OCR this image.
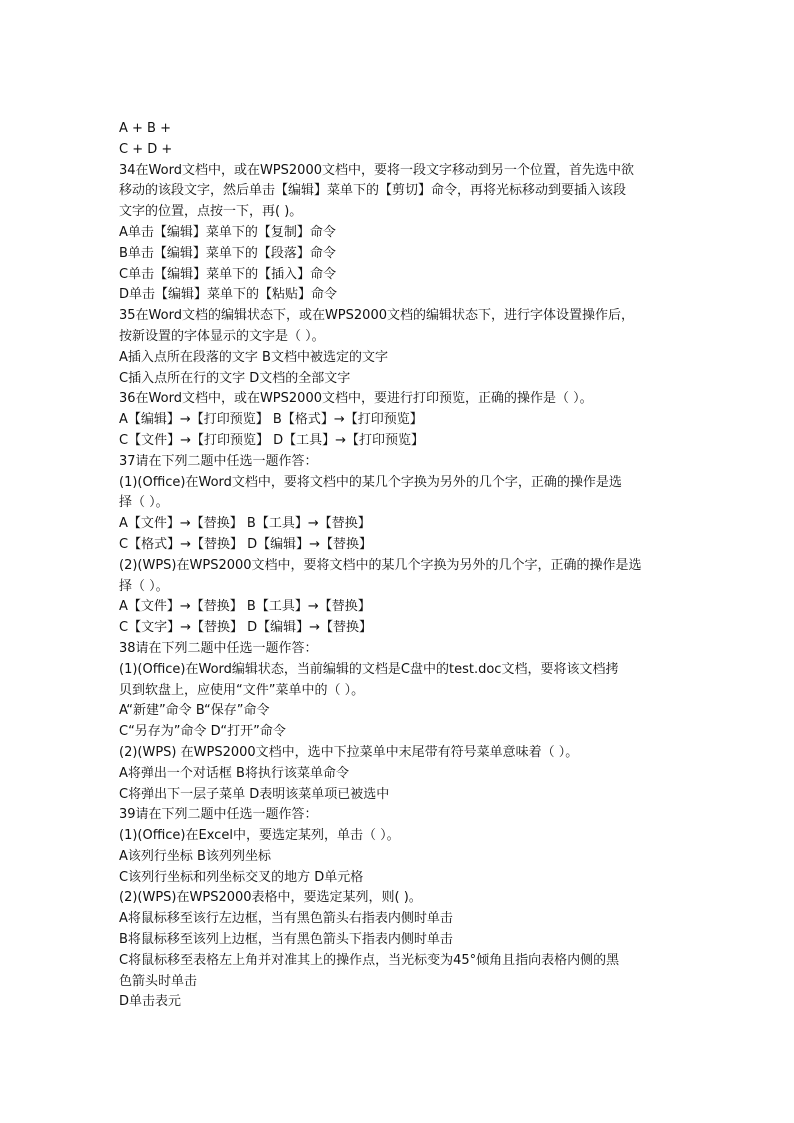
A + B +
C + D +
34在Word文档中，或在WPS2000文档中，要将一段文字移动到另一个位置，首先选中欲
移动的该段文字，然后单击【编辑】菜单下的【剪切】命令，再将光标移动到要插入该段
文字的位置，点按一下，再( )。
A单击【编辑】菜单下的【复制】命令
B单击【编辑】菜单下的【段落】命令
C单击【编辑】菜单下的【插入】命令
D单击【编辑】菜单下的【粘贴】命令
35在Word文档的编辑状态下，或在WPS2000文档的编辑状态下，进行字体设置操作后，
按新设置的字体显示的文字是（ ）。
A插入点所在段落的文字 B文档中被选定的文字
C插入点所在行的文字 D文档的全部文字
36在Word文档中，或在WPS2000文档中，要进行打印预览，正确的操作是（ ）。
A【编辑】→【打印预览】 B【格式】→【打印预览】
C【文件】→【打印预览】 D【工具】→【打印预览】
37请在下列二题中任选一题作答：
(1)(Office)在Word文档中，要将文档中的某几个字换为另外的几个字，正确的操作是选
择（ ）。
A【文件】→【替换】 B【工具】→【替换】
C【格式】→【替换】 D【编辑】→【替换】
(2)(WPS)在WPS2000文档中，要将文档中的某几个字换为另外的几个字，正确的操作是选
择（ ）。
A【文件】→【替换】 B【工具】→【替换】
C【文字】→【替换】 D【编辑】→【替换】
38请在下列二题中任选一题作答：
(1)(Office)在Word编辑状态，当前编辑的文档是C盘中的test.doc文档，要将该文档拷
贝到软盘上，应使用“文件”菜单中的（ ）。
A“新建”命令 B“保存”命令
C“另存为”命令 D“打开”命令
(2)(WPS) 在WPS2000文档中，选中下拉菜单中末尾带有符号菜单意味着（ ）。
A将弹出一个对话框 B将执行该菜单命令
C将弹出下一层子菜单 D表明该菜单项已被选中
39请在下列二题中任选一题作答：
(1)(Office)在Excel中，要选定某列，单击（ ）。
A该列行坐标 B该列列坐标
C该列行坐标和列坐标交叉的地方 D单元格
(2)(WPS)在WPS2000表格中，要选定某列，则( )。
A将鼠标移至该行左边框，当有黑色箭头右指表内侧时单击
B将鼠标移至该列上边框，当有黑色箭头下指表内侧时单击
C将鼠标移至表格左上角并对准其上的操作点，当光标变为45°倾角且指向表格内侧的黑
色箭头时单击
D单击表元
